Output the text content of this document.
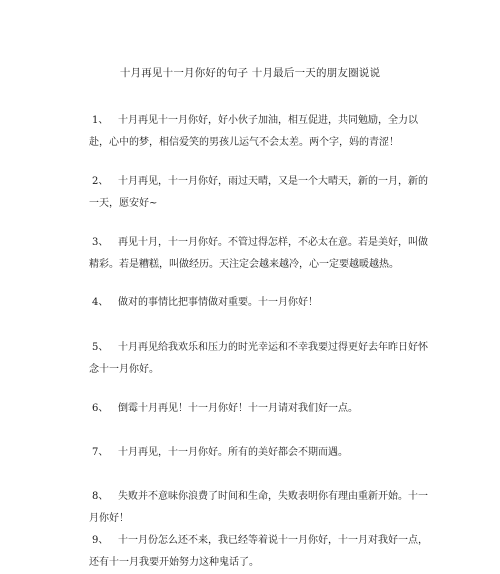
十月再见十一月你好的句子 十月最后一天的朋友圈说说

1、 十月再见十一月你好，好小伙子加油，相互促进，共同勉励，全力以赴，心中的梦，相信爱笑的男孩儿运气不会太差。两个字，妈的青涩！

2、 十月再见，十一月你好，雨过天晴，又是一个大晴天，新的一月，新的一天，愿安好~

3、 再见十月，十一月你好。不管过得怎样，不必太在意。若是美好，叫做精彩。若是糟糕，叫做经历。天注定会越来越冷，心一定要越暖越热。

4、 做对的事情比把事情做对重要。十一月你好！

5、 十月再见给我欢乐和压力的时光幸运和不幸我要过得更好去年昨日好怀念十一月你好。

6、 倒霉十月再见！十一月你好！十一月请对我们好一点。

7、 十月再见，十一月你好。所有的美好都会不期而遇。

8、 失败并不意味你浪费了时间和生命，失败表明你有理由重新开始。十一月你好！

9、 十一月份怎么还不来，我已经等着说十一月你好，十一月对我好一点，还有十一月我要开始努力这种鬼话了。
